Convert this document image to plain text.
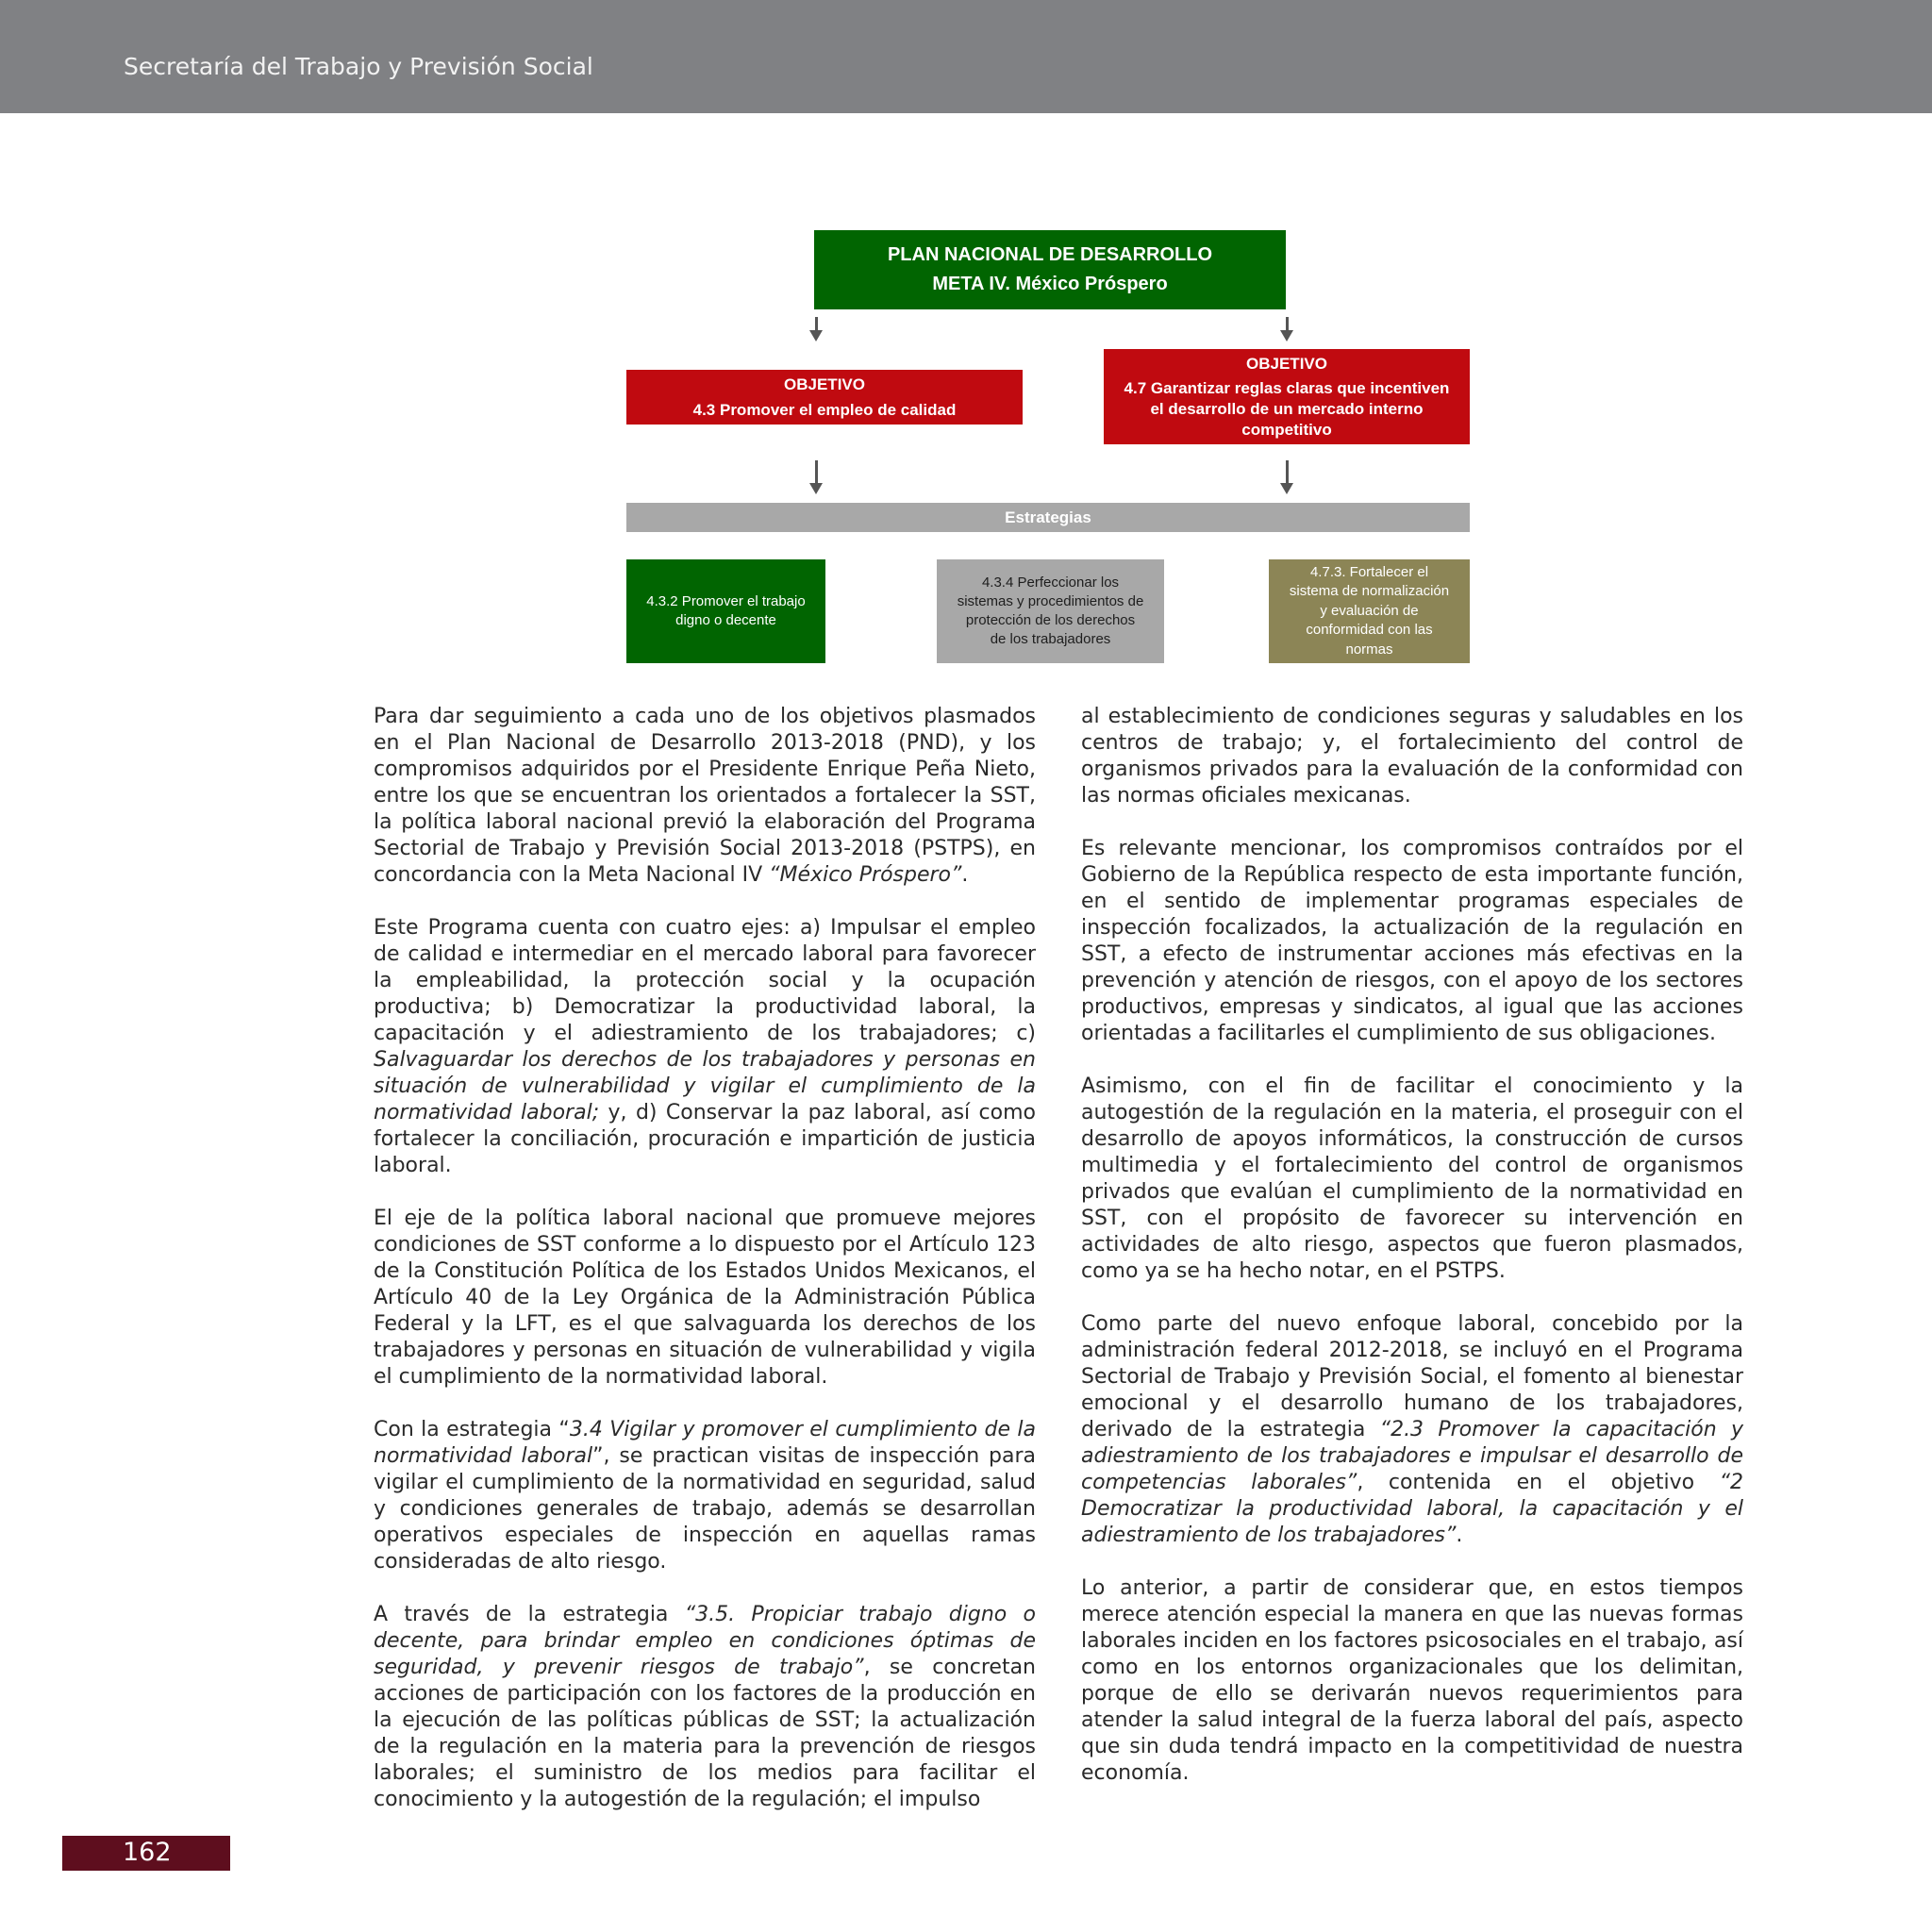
Secretaría del Trabajo y Previsión Social
PLAN NACIONAL DE DESARROLLO
META IV. México Próspero
OBJETIVO
4.3 Promover el empleo de calidad
OBJETIVO
4.7 Garantizar reglas claras que incentiven
el desarrollo de un mercado interno
competitivo
Estrategias
4.3.2 Promover el trabajo
digno o decente
4.3.4 Perfeccionar los
sistemas y procedimientos de
protección de los derechos
de los trabajadores
4.7.3. Fortalecer el
sistema de normalización
y evaluación de
conformidad con las
normas

Para dar seguimiento a cada uno de los objetivos plasmados en el Plan Nacional de Desarrollo 2013-2018 (PND), y los compromisos adquiridos por el Presidente Enrique Peña Nieto, entre los que se encuentran los orientados a fortalecer la SST, la política laboral nacional previó la elaboración del Programa Sectorial de Trabajo y Previsión Social 2013-2018 (PSTPS), en concordancia con la Meta Nacional IV “México Próspero”.

Este Programa cuenta con cuatro ejes: a) Impulsar el empleo de calidad e intermediar en el mercado laboral para favorecer la empleabilidad, la protección social y la ocupación productiva; b) Democratizar la productividad laboral, la capacitación y el adiestramiento de los trabajadores; c) Salvaguardar los derechos de los trabajadores y personas en situación de vulnerabilidad y vigilar el cumplimiento de la normatividad laboral; y, d) Conservar la paz laboral, así como fortalecer la conciliación, procuración e impartición de justicia laboral.

El eje de la política laboral nacional que promueve mejores condiciones de SST conforme a lo dispuesto por el Artículo 123 de la Constitución Política de los Estados Unidos Mexicanos, el Artículo 40 de la Ley Orgánica de la Administración Pública Federal y la LFT, es el que salvaguarda los derechos de los trabajadores y personas en situación de vulnerabilidad y vigila el cumplimiento de la normatividad laboral.

Con la estrategia “3.4 Vigilar y promover el cumplimiento de la normatividad laboral”, se practican visitas de inspección para vigilar el cumplimiento de la normatividad en seguridad, salud y condiciones generales de trabajo, además se desarrollan operativos especiales de inspección en aquellas ramas consideradas de alto riesgo.

A través de la estrategia “3.5. Propiciar trabajo digno o decente, para brindar empleo en condiciones óptimas de seguridad, y prevenir riesgos de trabajo”, se concretan acciones de participación con los factores de la producción en la ejecución de las políticas públicas de SST; la actualización de la regulación en la materia para la prevención de riesgos laborales; el suministro de los medios para facilitar el conocimiento y la autogestión de la regulación; el impulso

al establecimiento de condiciones seguras y saludables en los centros de trabajo; y, el fortalecimiento del control de organismos privados para la evaluación de la conformidad con las normas oficiales mexicanas.

Es relevante mencionar, los compromisos contraídos por el Gobierno de la República respecto de esta importante función, en el sentido de implementar programas especiales de inspección focalizados, la actualización de la regulación en SST, a efecto de instrumentar acciones más efectivas en la prevención y atención de riesgos, con el apoyo de los sectores productivos, empresas y sindicatos, al igual que las acciones orientadas a facilitarles el cumplimiento de sus obligaciones.

Asimismo, con el fin de facilitar el conocimiento y la autogestión de la regulación en la materia, el proseguir con el desarrollo de apoyos informáticos, la construcción de cursos multimedia y el fortalecimiento del control de organismos privados que evalúan el cumplimiento de la normatividad en SST, con el propósito de favorecer su intervención en actividades de alto riesgo, aspectos que fueron plasmados, como ya se ha hecho notar, en el PSTPS.

Como parte del nuevo enfoque laboral, concebido por la administración federal 2012-2018, se incluyó en el Programa Sectorial de Trabajo y Previsión Social, el fomento al bienestar emocional y el desarrollo humano de los trabajadores, derivado de la estrategia “2.3 Promover la capacitación y adiestramiento de los trabajadores e impulsar el desarrollo de competencias laborales”, contenida en el objetivo “2 Democratizar la productividad laboral, la capacitación y el adiestramiento de los trabajadores”.

Lo anterior, a partir de considerar que, en estos tiempos merece atención especial la manera en que las nuevas formas laborales inciden en los factores psicosociales en el trabajo, así como en los entornos organizacionales que los delimitan, porque de ello se derivarán nuevos requerimientos para atender la salud integral de la fuerza laboral del país, aspecto que sin duda tendrá impacto en la competitividad de nuestra economía.

162
